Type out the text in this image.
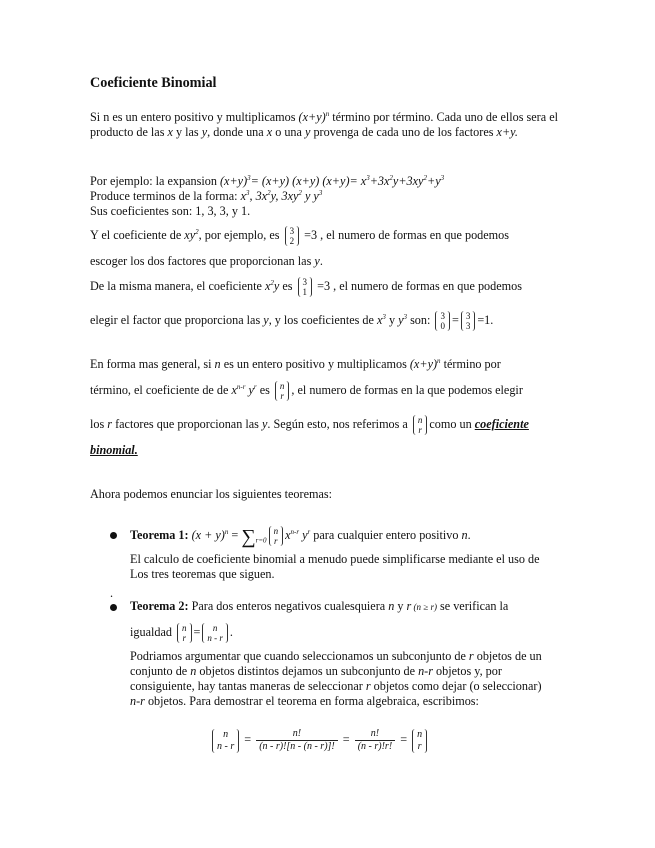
Coeficiente Binomial
Si n es un entero positivo y multiplicamos $(x+y)^n$ término por término. Cada uno de ellos sera el producto de las x y las y, donde una x o una y provenga de cada uno de los factores x+y.
Por ejemplo: la expansion $(x+y)^3= (x+y)$ (x+y) $(x+y)= x^3+3x^2y+3xy^2+y^3$
Produce terminos de la forma: $x^3$, $3x^2y$, $3xy^2$ y $y^3$
Sus coeficientes son: 1, 3, 3, y 1.
Y el coeficiente de $xy^2$, por ejemplo, es 3
2 =3 , el numero de formas en que podemos
escoger los dos factores que proporcionan las y.
De la misma manera, el coeficiente $x^2y$ es 3
1 =3 , el numero de formas en que podemos
elegir el factor que proporciona las y, y los coeficientes de $x^3$ y $y^3$ son: 3
0 = 3
3 =1.
En forma mas general, si n es un entero positivo y multiplicamos $(x+y)^n$ término por
término, el coeficiente de de $x^{n-r}$ $y^r$ es n
r , el numero de formas en la que podemos elegir
los r factores que proporcionan las y. Según esto, nos referimos a n
r como un coeficiente
binomial.
Ahora podemos enunciar los siguientes teoremas:
Teorema 1: $(x + y)^n = \sum_{r=0}$
n
r $x^{n-r}$ $y^r$ para cualquier entero positivo n.
El calculo de coeficiente binomial a menudo puede simplificarse mediante el uso de
Los tres teoremas que siguen.
.
Teorema 2: Para dos enteros negativos cualesquiera n y r (n ≥ r) se verifican la
igualdad n
r =	n
n - r .
Podriamos argumentar que cuando seleccionamos un subconjunto de r objetos de un
conjunto de n objetos distintos dejamos un subconjunto de n-r objetos y, por
consiguiente, hay tantas maneras de seleccionar r objetos como dejar (o seleccionar)
n-r objetos. Para demostrar el teorema en forma algebraica, escribimos:
n
$n - r = \frac{n!}{(n - r)![n - (n - r)]!} = \frac{n!}{(n - r)!r!} = n$
r
